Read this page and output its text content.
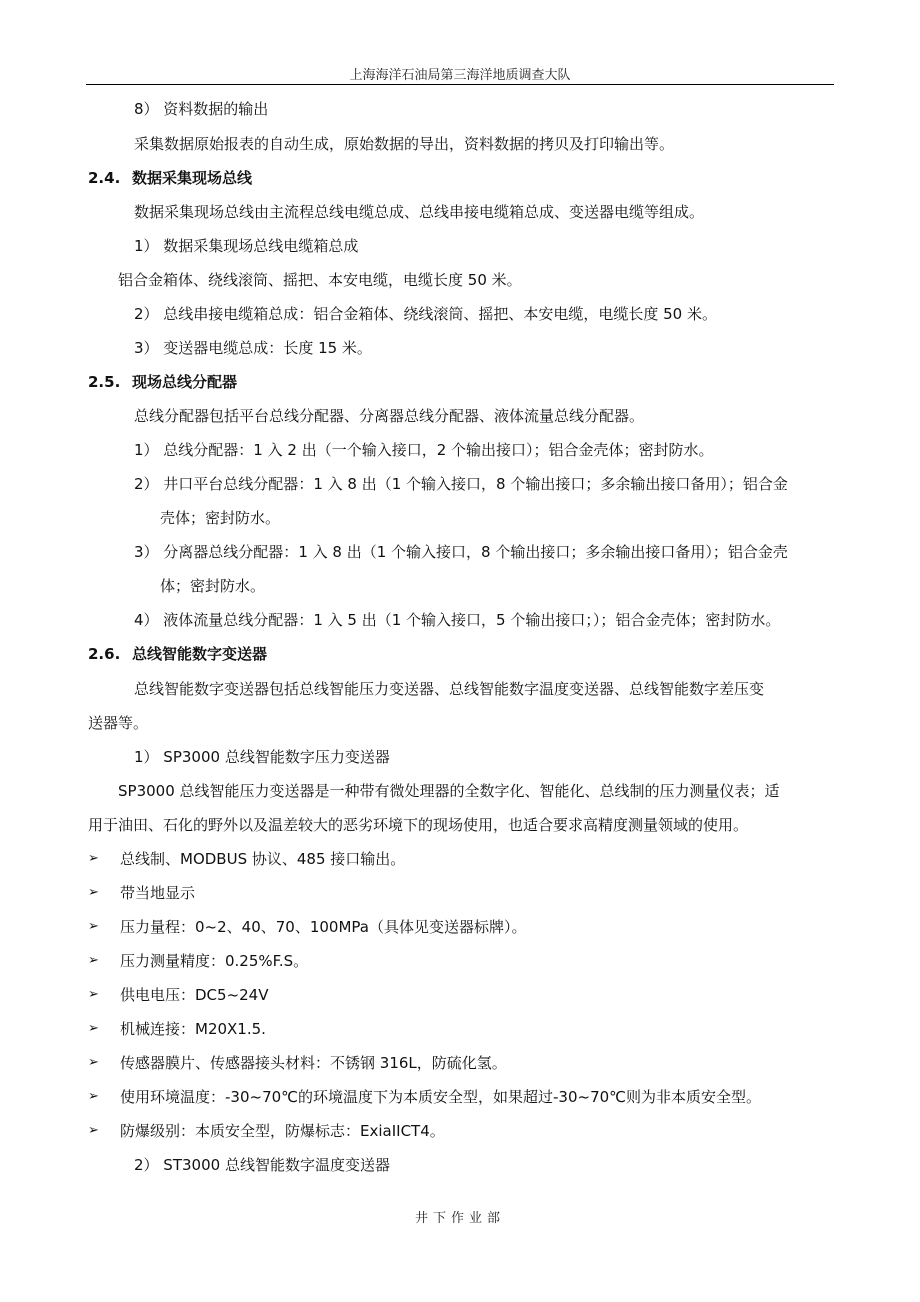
上海海洋石油局第三海洋地质调查大队
8） 资料数据的输出
采集数据原始报表的自动生成，原始数据的导出，资料数据的拷贝及打印输出等。
2.4. 数据采集现场总线
数据采集现场总线由主流程总线电缆总成、总线串接电缆箱总成、变送器电缆等组成。
1） 数据采集现场总线电缆箱总成
铝合金箱体、绕线滚筒、摇把、本安电缆，电缆长度 50 米。
2） 总线串接电缆箱总成：铝合金箱体、绕线滚筒、摇把、本安电缆，电缆长度 50 米。
3） 变送器电缆总成：长度 15 米。
2.5. 现场总线分配器
总线分配器包括平台总线分配器、分离器总线分配器、液体流量总线分配器。
1） 总线分配器：1 入 2 出（一个输入接口，2 个输出接口）；铝合金壳体；密封防水。
2） 井口平台总线分配器：1 入 8 出（1 个输入接口，8 个输出接口；多余输出接口备用）；铝合金
壳体；密封防水。
3） 分离器总线分配器：1 入 8 出（1 个输入接口，8 个输出接口；多余输出接口备用）；铝合金壳
体；密封防水。
4） 液体流量总线分配器：1 入 5 出（1 个输入接口，5 个输出接口；）；铝合金壳体；密封防水。
2.6. 总线智能数字变送器
总线智能数字变送器包括总线智能压力变送器、总线智能数字温度变送器、总线智能数字差压变
送器等。
1） SP3000 总线智能数字压力变送器
SP3000 总线智能压力变送器是一种带有微处理器的全数字化、智能化、总线制的压力测量仪表；适
用于油田、石化的野外以及温差较大的恶劣环境下的现场使用，也适合要求高精度测量领域的使用。
➢ 总线制、MODBUS 协议、485 接口输出。
➢ 带当地显示
➢ 压力量程：0~2、40、70、100MPa（具体见变送器标牌）。
➢ 压力测量精度：0.25%F.S。
➢ 供电电压：DC5~24V
➢ 机械连接：M20X1.5.
➢ 传感器膜片、传感器接头材料：不锈钢 316L，防硫化氢。
➢ 使用环境温度：-30~70℃的环境温度下为本质安全型，如果超过-30~70℃则为非本质安全型。
➢ 防爆级别：本质安全型，防爆标志：ExiaIICT4。
2） ST3000 总线智能数字温度变送器
井下作业部
